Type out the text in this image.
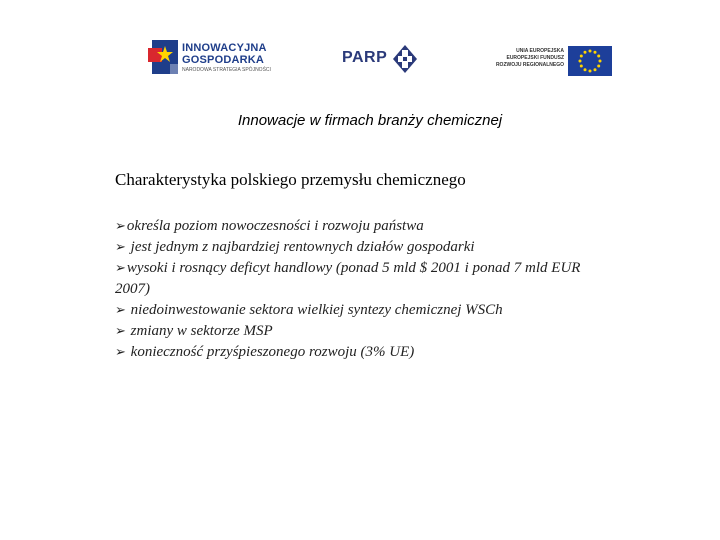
INNOWACYJNA
GOSPODARKA
NARODOWA STRATEGIA SPÓJNOŚCI
PARP	UNIA EUROPEJSKA
EUROPEJSKI FUNDUSZ
ROZWOJU REGIONALNEGO
Innowacje w firmach branży chemicznej
Charakterystyka polskiego przemysłu chemicznego
➢określa poziom nowoczesności i rozwoju państwa
➢ jest jednym z najbardziej rentownych działów gospodarki
➢wysoki i rosnący deficyt handlowy (ponad 5 mld $ 2001 i ponad 7 mld EUR 2007)
➢ niedoinwestowanie sektora wielkiej syntezy chemicznej WSCh
➢ zmiany w sektorze MSP
➢ konieczność przyśpieszonego rozwoju (3% UE)
